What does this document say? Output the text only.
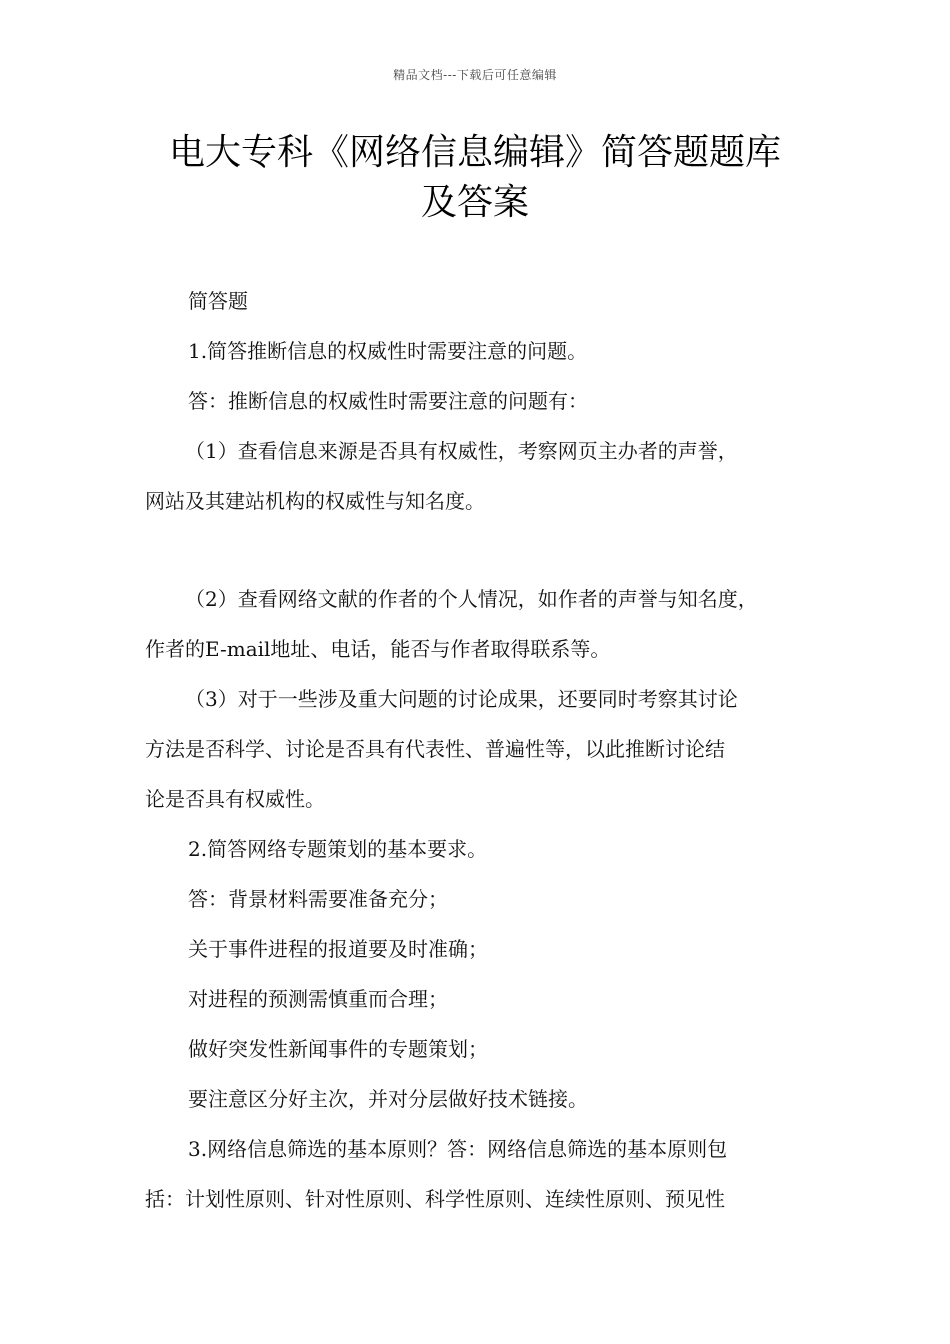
精品文档---下载后可任意编辑
电大专科《网络信息编辑》简答题题库
及答案
简答题
1.简答推断信息的权威性时需要注意的问题。
答：推断信息的权威性时需要注意的问题有：
（1）查看信息来源是否具有权威性，考察网页主办者的声誉，
网站及其建站机构的权威性与知名度。
（2）查看网络文献的作者的个人情况，如作者的声誉与知名度，
作者的E-mail地址、电话，能否与作者取得联系等。
（3）对于一些涉及重大问题的讨论成果，还要同时考察其讨论
方法是否科学、讨论是否具有代表性、普遍性等，以此推断讨论结
论是否具有权威性。
2.简答网络专题策划的基本要求。
答：背景材料需要准备充分；
关于事件进程的报道要及时准确；
对进程的预测需慎重而合理；
做好突发性新闻事件的专题策划；
要注意区分好主次，并对分层做好技术链接。
3.网络信息筛选的基本原则？答：网络信息筛选的基本原则包
括：计划性原则、针对性原则、科学性原则、连续性原则、预见性
